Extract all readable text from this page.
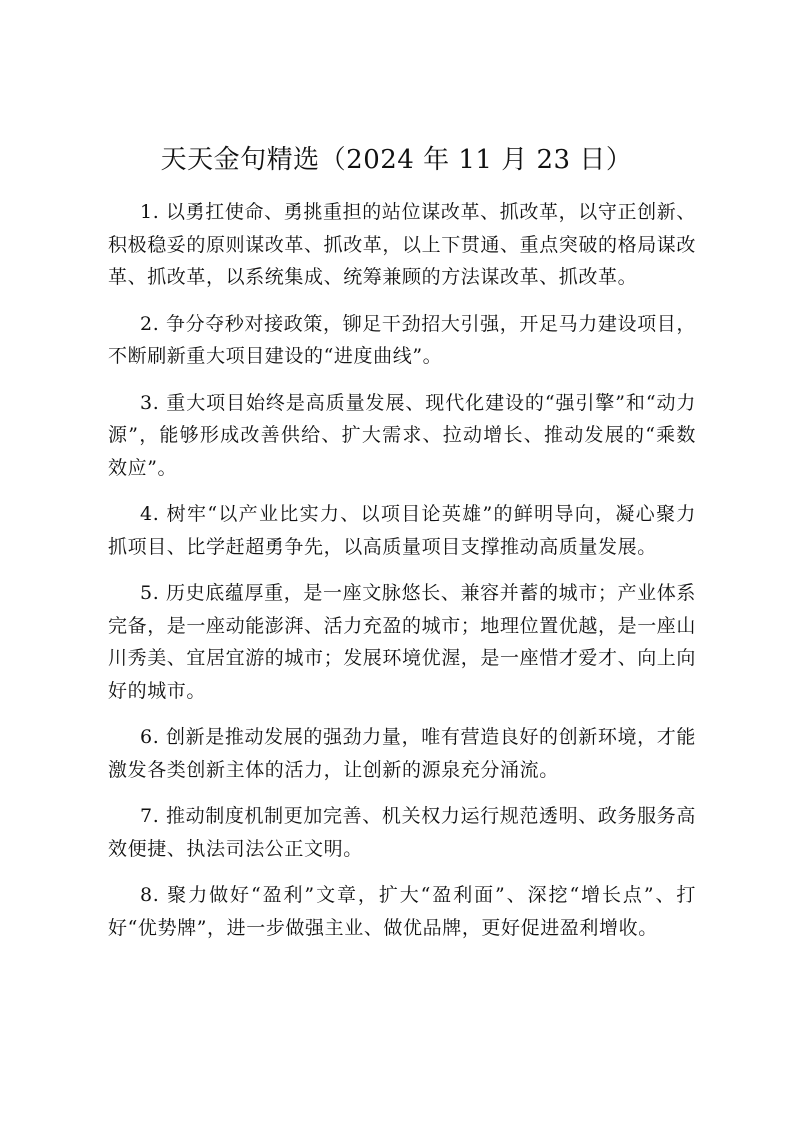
天天金句精选（2024 年 11 月 23 日）

1. 以勇扛使命、勇挑重担的站位谋改革、抓改革，以守正创新、积极稳妥的原则谋改革、抓改革，以上下贯通、重点突破的格局谋改革、抓改革，以系统集成、统筹兼顾的方法谋改革、抓改革。

2. 争分夺秒对接政策，铆足干劲招大引强，开足马力建设项目，不断刷新重大项目建设的“进度曲线”。

3. 重大项目始终是高质量发展、现代化建设的“强引擎”和“动力源”，能够形成改善供给、扩大需求、拉动增长、推动发展的“乘数效应”。

4. 树牢“以产业比实力、以项目论英雄”的鲜明导向，凝心聚力抓项目、比学赶超勇争先，以高质量项目支撑推动高质量发展。

5. 历史底蕴厚重，是一座文脉悠长、兼容并蓄的城市；产业体系完备，是一座动能澎湃、活力充盈的城市；地理位置优越，是一座山川秀美、宜居宜游的城市；发展环境优渥，是一座惜才爱才、向上向好的城市。

6. 创新是推动发展的强劲力量，唯有营造良好的创新环境，才能激发各类创新主体的活力，让创新的源泉充分涌流。

7. 推动制度机制更加完善、机关权力运行规范透明、政务服务高效便捷、执法司法公正文明。

8. 聚力做好“盈利”文章，扩大“盈利面”、深挖“增长点”、打好“优势牌”，进一步做强主业、做优品牌，更好促进盈利增收。
